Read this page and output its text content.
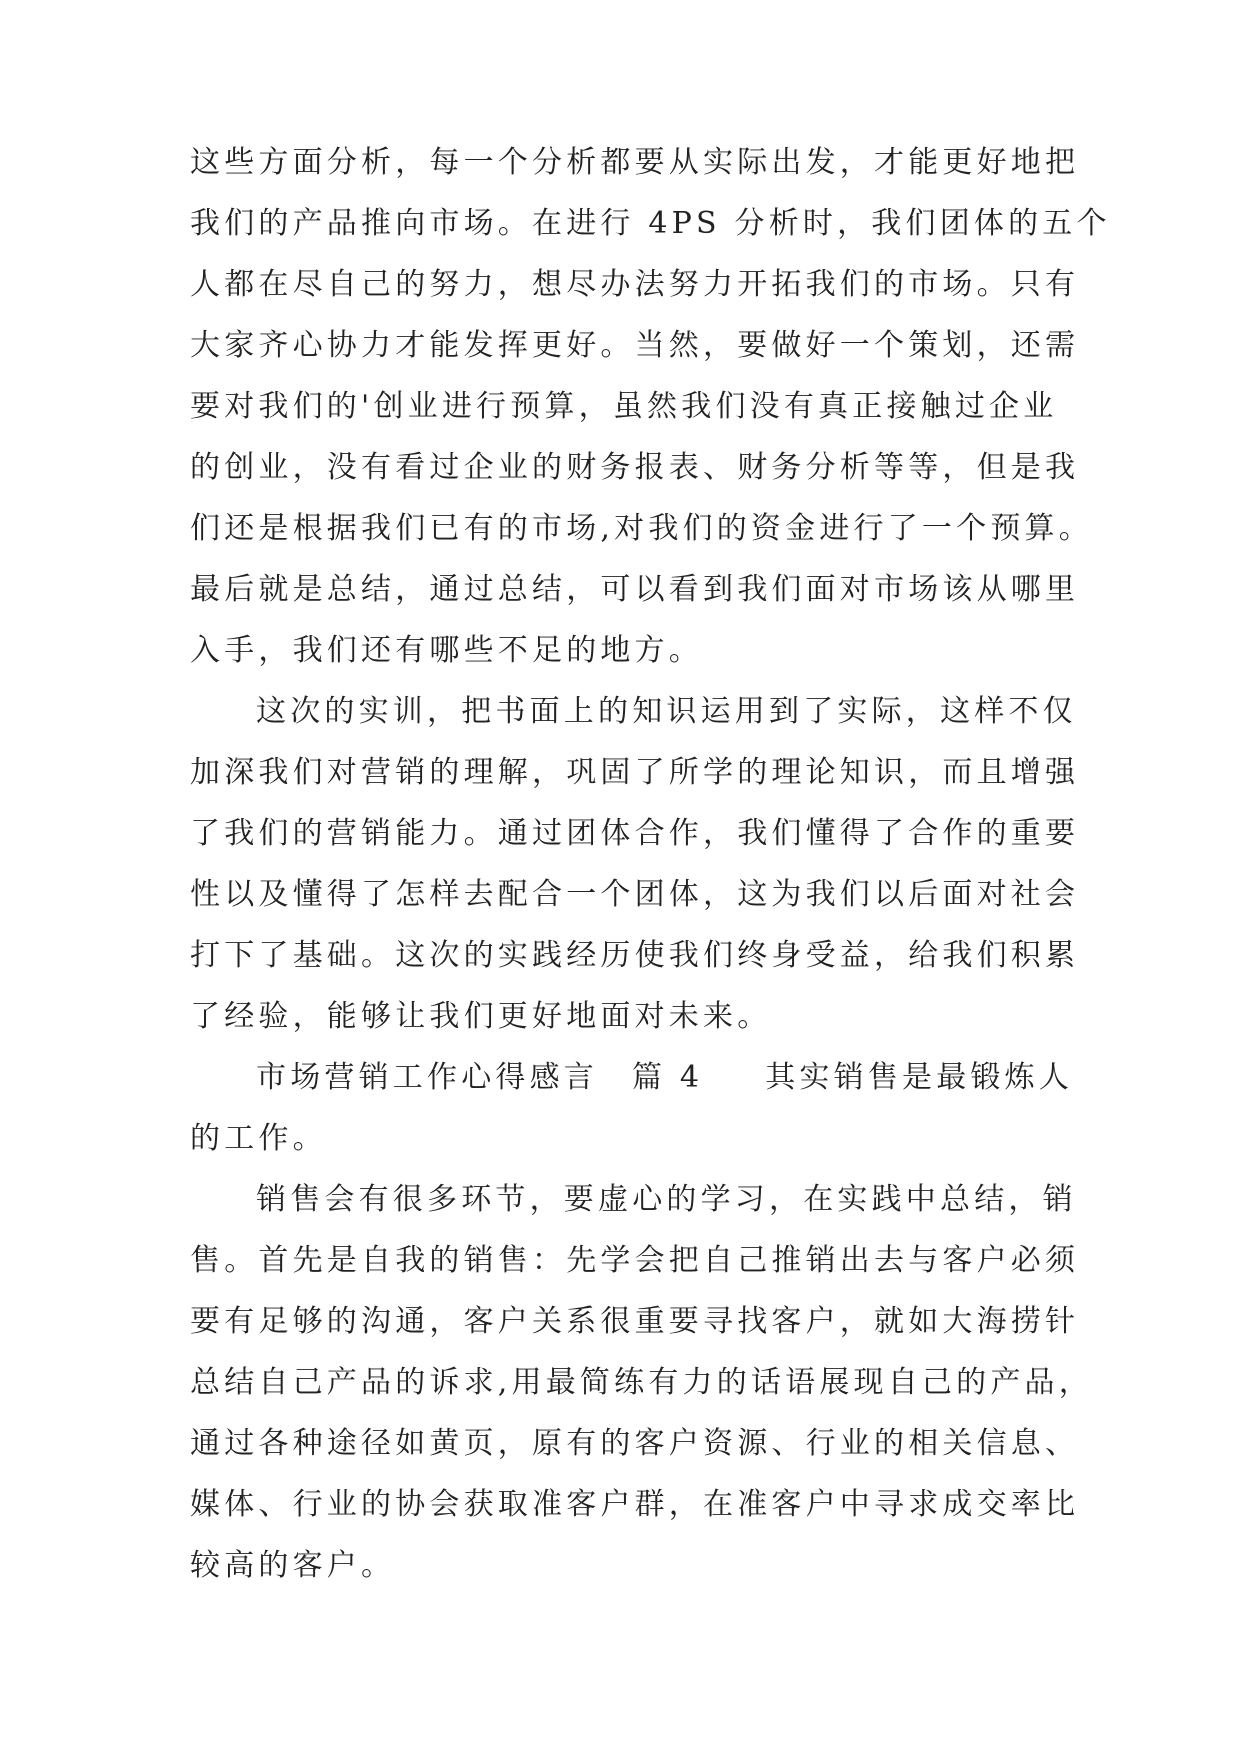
这些方面分析，每一个分析都要从实际出发，才能更好地把
我们的产品推向市场。在进行 4PS 分析时，我们团体的五个
人都在尽自己的努力，想尽办法努力开拓我们的市场。只有
大家齐心协力才能发挥更好。当然，要做好一个策划，还需
要对我们的'创业进行预算，虽然我们没有真正接触过企业
的创业，没有看过企业的财务报表、财务分析等等，但是我
们还是根据我们已有的市场,对我们的资金进行了一个预算。
最后就是总结，通过总结，可以看到我们面对市场该从哪里
入手，我们还有哪些不足的地方。
这次的实训，把书面上的知识运用到了实际，这样不仅
加深我们对营销的理解，巩固了所学的理论知识，而且增强
了我们的营销能力。通过团体合作，我们懂得了合作的重要
性以及懂得了怎样去配合一个团体，这为我们以后面对社会
打下了基础。这次的实践经历使我们终身受益，给我们积累
了经验，能够让我们更好地面对未来。
市场营销工作心得感言 篇 4 其实销售是最锻炼人
的工作。
销售会有很多环节，要虚心的学习，在实践中总结，销
售。首先是自我的销售：先学会把自己推销出去与客户必须
要有足够的沟通，客户关系很重要寻找客户，就如大海捞针
总结自己产品的诉求,用最简练有力的话语展现自己的产品，
通过各种途径如黄页，原有的客户资源、行业的相关信息、
媒体、行业的协会获取准客户群，在准客户中寻求成交率比
较高的客户。
